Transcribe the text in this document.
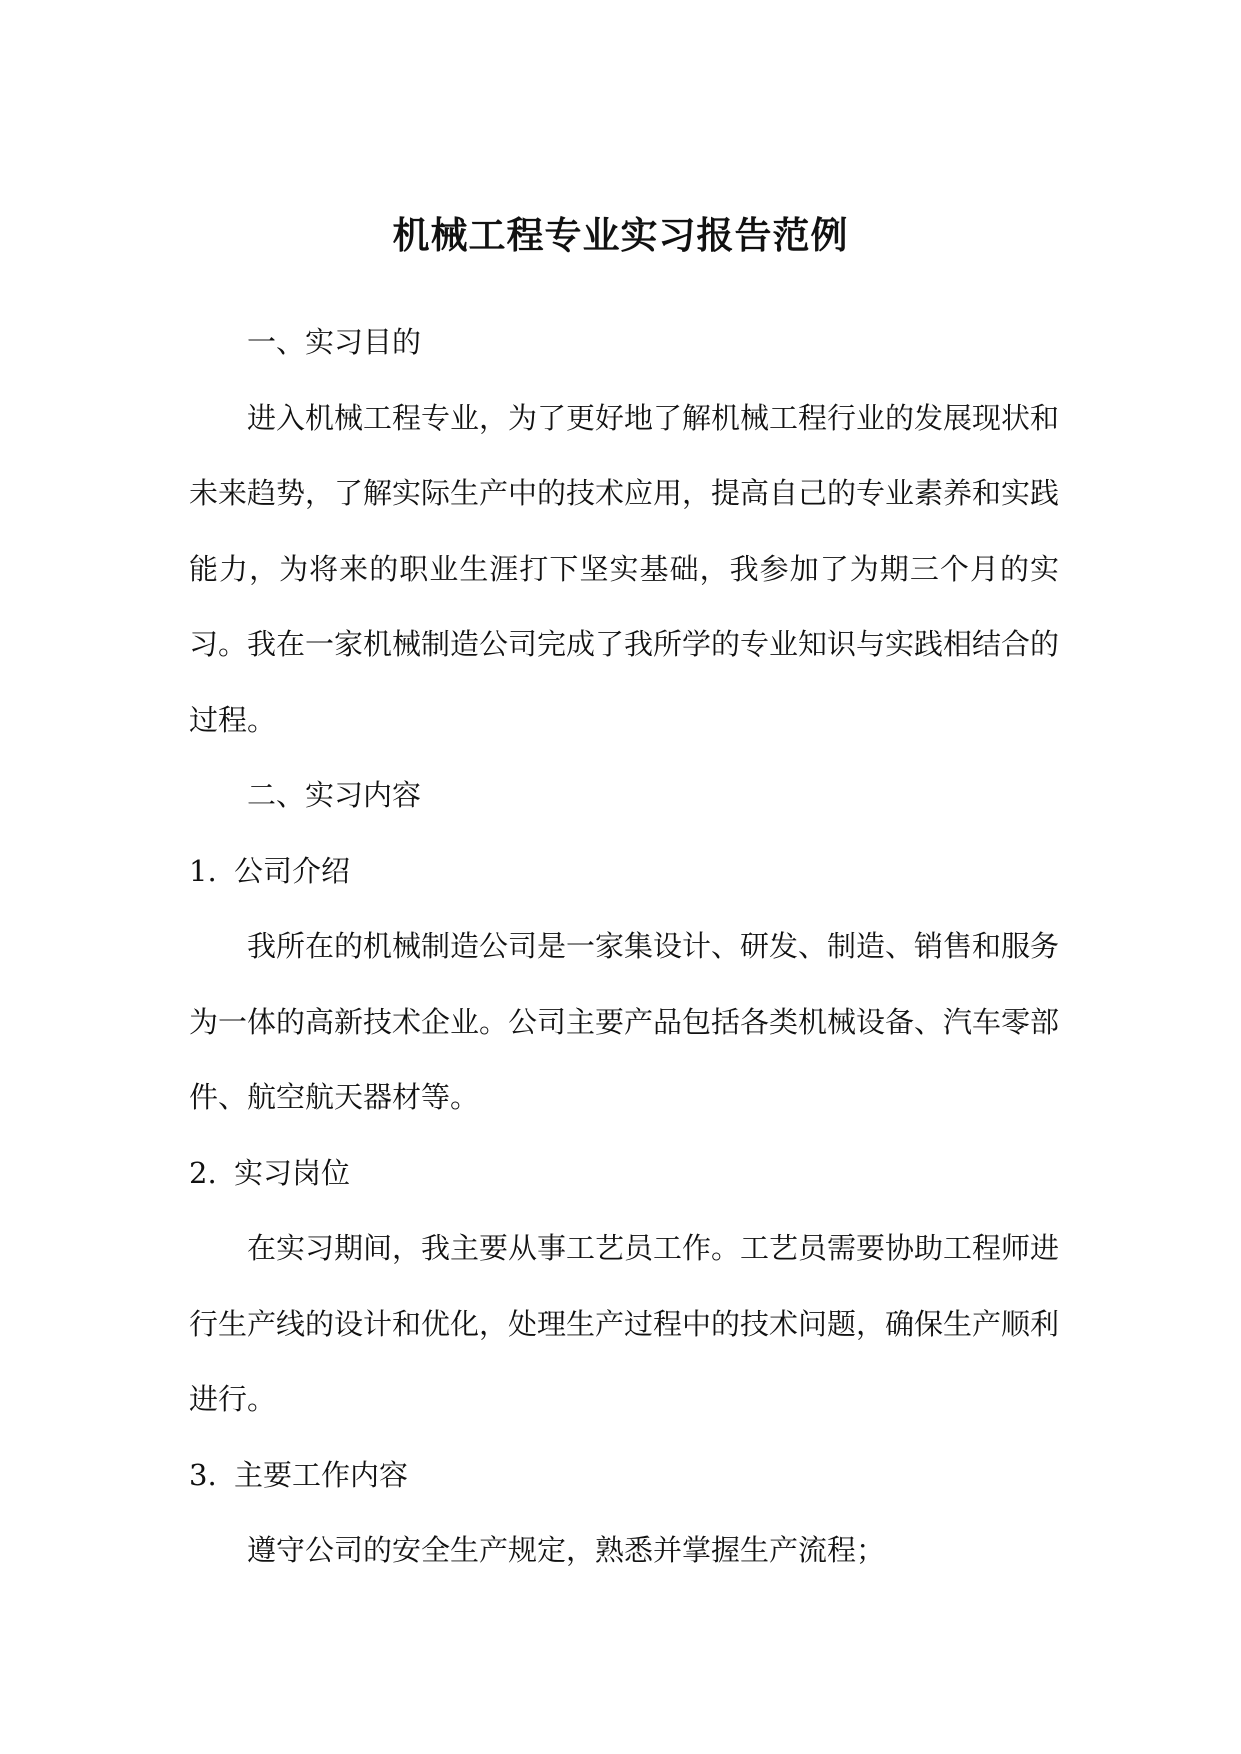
机械工程专业实习报告范例

一、实习目的

进入机械工程专业，为了更好地了解机械工程行业的发展现状和未来趋势，了解实际生产中的技术应用，提高自己的专业素养和实践能力，为将来的职业生涯打下坚实基础，我参加了为期三个月的实习。我在一家机械制造公司完成了我所学的专业知识与实践相结合的过程。

二、实习内容

1. 公司介绍

我所在的机械制造公司是一家集设计、研发、制造、销售和服务为一体的高新技术企业。公司主要产品包括各类机械设备、汽车零部件、航空航天器材等。

2. 实习岗位

在实习期间，我主要从事工艺员工作。工艺员需要协助工程师进行生产线的设计和优化，处理生产过程中的技术问题，确保生产顺利进行。

3. 主要工作内容

遵守公司的安全生产规定，熟悉并掌握生产流程；
